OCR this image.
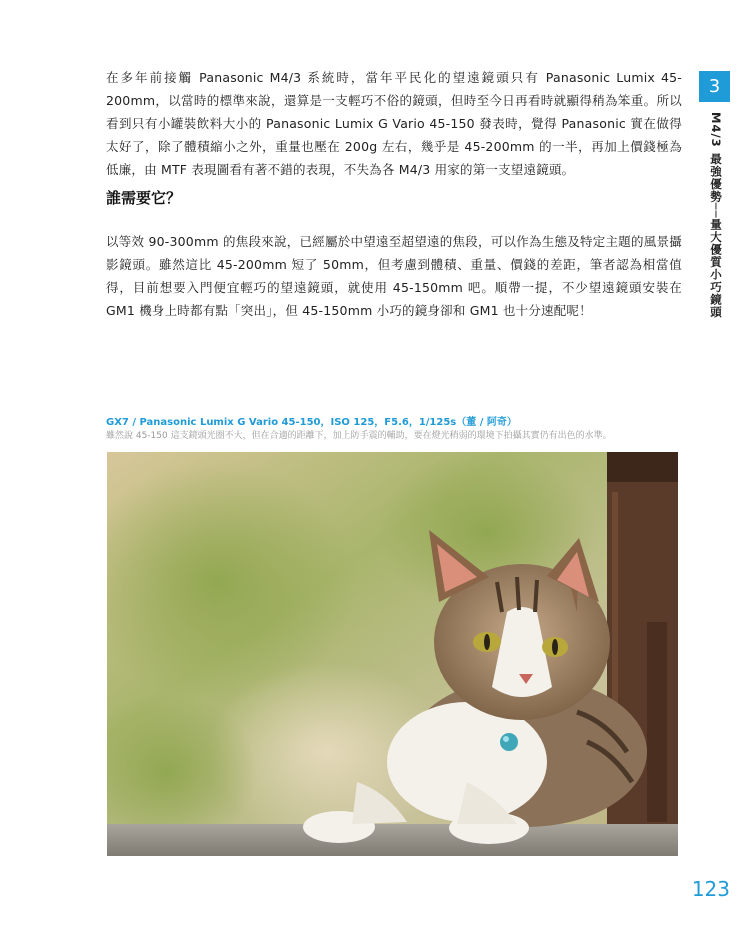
3

M4/3 最強優勢──量大優質小巧鏡頭

在多年前接觸 Panasonic M4/3 系統時，當年平民化的望遠鏡頭只有 Panasonic Lumix 45-200mm，以當時的標準來說，還算是一支輕巧不俗的鏡頭，但時至今日再看時就顯得稍為笨重。所以看到只有小罐裝飲料大小的 Panasonic Lumix G Vario 45-150 發表時，覺得 Panasonic 實在做得太好了，除了體積縮小之外，重量也壓在 200g 左右，幾乎是 45-200mm 的一半，再加上價錢極為低廉，由 MTF 表現圖看有著不錯的表現，不失為各 M4/3 用家的第一支望遠鏡頭。

誰需要它？

以等效 90-300mm 的焦段來說，已經屬於中望遠至超望遠的焦段，可以作為生態及特定主題的風景攝影鏡頭。雖然這比 45-200mm 短了 50mm，但考慮到體積、重量、價錢的差距，筆者認為相當值得，目前想要入門便宜輕巧的望遠鏡頭，就使用 45-150mm 吧。順帶一提，不少望遠鏡頭安裝在 GM1 機身上時都有點「突出」，但 45-150mm 小巧的鏡身卻和 GM1 也十分速配呢！

GX7 / Panasonic Lumix G Vario 45-150，ISO 125，F5.6，1/125s（董 / 阿奇）

雖然說 45-150 這支鏡頭光圈不大，但在合適的距離下，加上防手震的輔助，要在燈光稍弱的環境下拍攝其實仍有出色的水準。

123
